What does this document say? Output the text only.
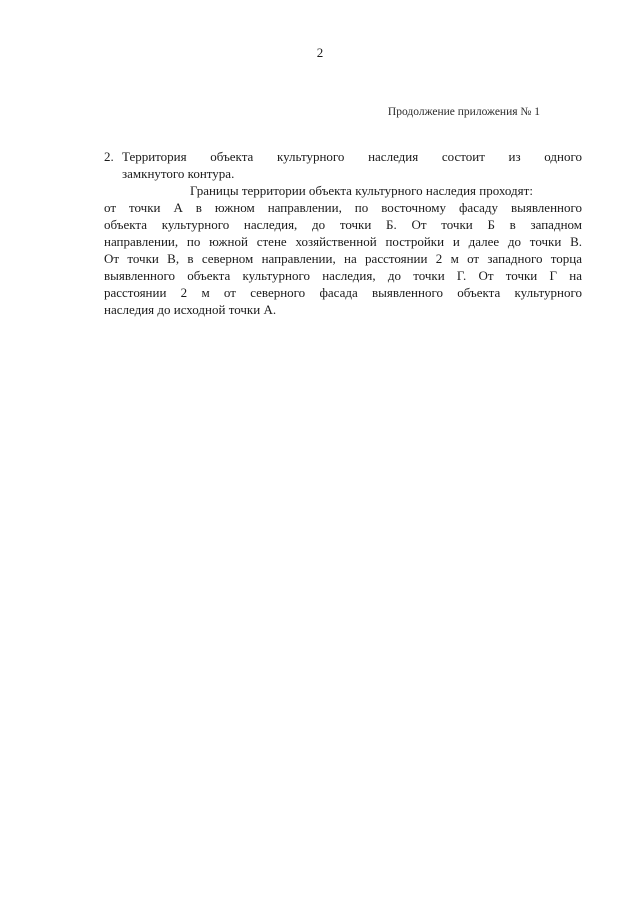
2
Продолжение приложения № 1
2. Территория объекта культурного наследия состоит из одного
замкнутого контура.
Границы территории объекта культурного наследия проходят:
от точки А в южном направлении, по восточному фасаду выявленного
объекта культурного наследия, до точки Б. От точки Б в западном
направлении, по южной стене хозяйственной постройки и далее до точки В.
От точки В, в северном направлении, на расстоянии 2 м от западного торца
выявленного объекта культурного наследия, до точки Г. От точки Г на
расстоянии 2 м от северного фасада выявленного объекта культурного
наследия до исходной точки А.
